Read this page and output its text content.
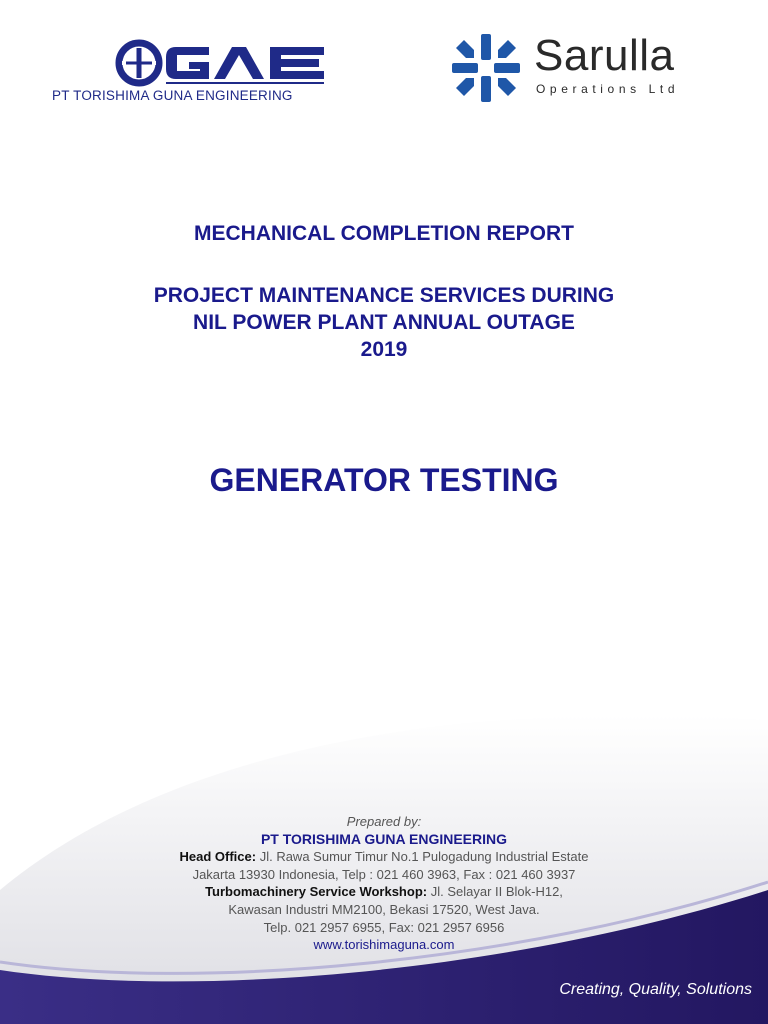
PT TORISHIMA GUNA ENGINEERING
Sarulla
Operations Ltd
MECHANICAL COMPLETION REPORT
PROJECT MAINTENANCE SERVICES DURING
NIL POWER PLANT ANNUAL OUTAGE
2019
GENERATOR TESTING
Prepared by:
PT TORISHIMA GUNA ENGINEERING
Head Office: Jl. Rawa Sumur Timur No.1 Pulogadung Industrial Estate
Jakarta 13930 Indonesia, Telp : 021 460 3963, Fax : 021 460 3937
Turbomachinery Service Workshop: Jl. Selayar II Blok-H12,
Kawasan Industri MM2100, Bekasi 17520, West Java.
Telp. 021 2957 6955, Fax: 021 2957 6956
www.torishimaguna.com
Creating, Quality, Solutions
